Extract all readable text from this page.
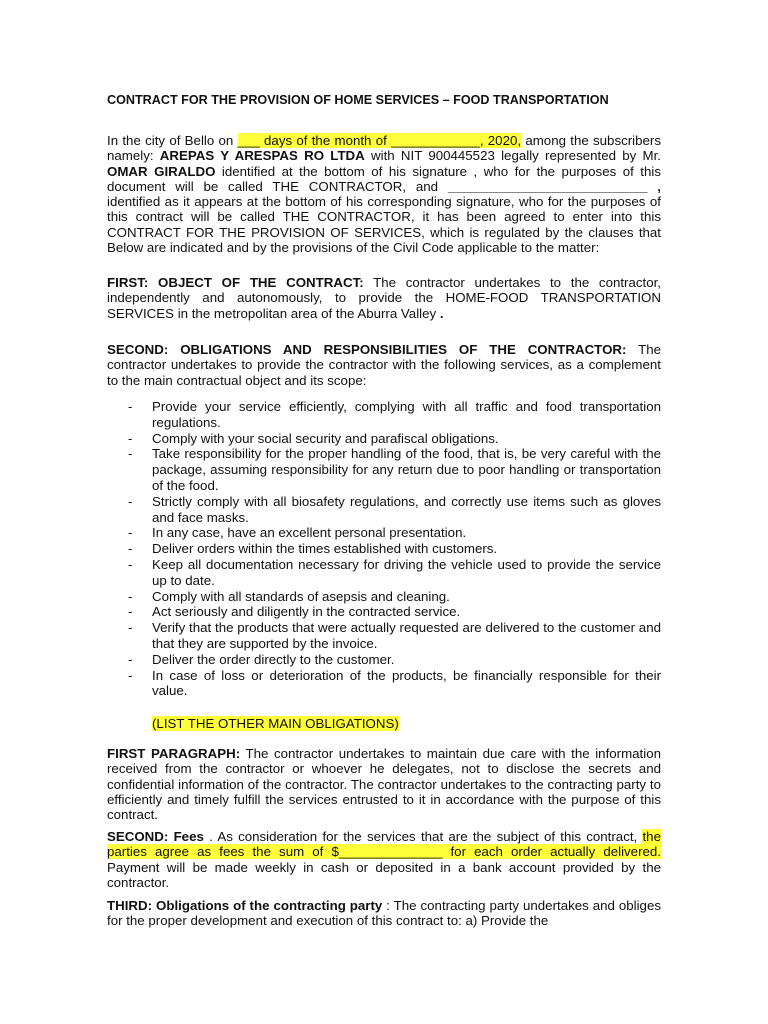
CONTRACT FOR THE PROVISION OF HOME SERVICES – FOOD TRANSPORTATION
In the city of Bello on ___ days of the month of ____________, 2020, among the subscribers namely: AREPAS Y ARESPAS RO LTDA with NIT 900445523 legally represented by Mr. OMAR GIRALDO identified at the bottom of his signature , who for the purposes of this document will be called THE CONTRACTOR, and ___________________________ , identified as it appears at the bottom of his corresponding signature, who for the purposes of this contract will be called THE CONTRACTOR, it has been agreed to enter into this CONTRACT FOR THE PROVISION OF SERVICES, which is regulated by the clauses that Below are indicated and by the provisions of the Civil Code applicable to the matter:
FIRST: OBJECT OF THE CONTRACT: The contractor undertakes to the contractor, independently and autonomously, to provide the HOME-FOOD TRANSPORTATION SERVICES in the metropolitan area of the Aburra Valley .
SECOND: OBLIGATIONS AND RESPONSIBILITIES OF THE CONTRACTOR: The contractor undertakes to provide the contractor with the following services, as a complement to the main contractual object and its scope:
- Provide your service efficiently, complying with all traffic and food transportation regulations.
- Comply with your social security and parafiscal obligations.
- Take responsibility for the proper handling of the food, that is, be very careful with the package, assuming responsibility for any return due to poor handling or transportation of the food.
- Strictly comply with all biosafety regulations, and correctly use items such as gloves and face masks.
- In any case, have an excellent personal presentation.
- Deliver orders within the times established with customers.
- Keep all documentation necessary for driving the vehicle used to provide the service up to date.
- Comply with all standards of asepsis and cleaning.
- Act seriously and diligently in the contracted service.
- Verify that the products that were actually requested are delivered to the customer and that they are supported by the invoice.
- Deliver the order directly to the customer.
- In case of loss or deterioration of the products, be financially responsible for their value.
(LIST THE OTHER MAIN OBLIGATIONS)
FIRST PARAGRAPH: The contractor undertakes to maintain due care with the information received from the contractor or whoever he delegates, not to disclose the secrets and confidential information of the contractor. The contractor undertakes to the contracting party to efficiently and timely fulfill the services entrusted to it in accordance with the purpose of this contract.
SECOND: Fees . As consideration for the services that are the subject of this contract, the parties agree as fees the sum of $______________ for each order actually delivered. Payment will be made weekly in cash or deposited in a bank account provided by the contractor.
THIRD: Obligations of the contracting party : The contracting party undertakes and obliges for the proper development and execution of this contract to: a) Provide the
